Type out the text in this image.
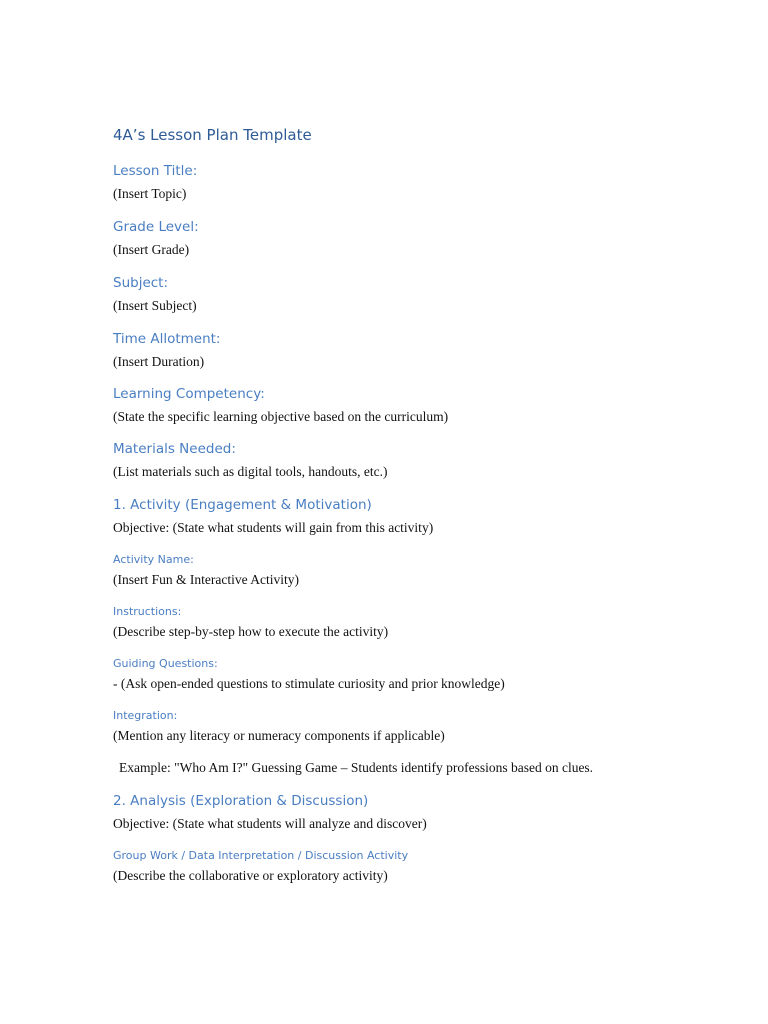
4A’s Lesson Plan Template
Lesson Title:

(Insert Topic)

Grade Level:

(Insert Grade)

Subject:

(Insert Subject)

Time Allotment:

(Insert Duration)

Learning Competency:

(State the specific learning objective based on the curriculum)

Materials Needed:

(List materials such as digital tools, handouts, etc.)

1. Activity (Engagement & Motivation)

Objective: (State what students will gain from this activity)

Activity Name:

(Insert Fun & Interactive Activity)

Instructions:

(Describe step-by-step how to execute the activity)

Guiding Questions:

- (Ask open-ended questions to stimulate curiosity and prior knowledge)

Integration:

(Mention any literacy or numeracy components if applicable)

Example: "Who Am I?" Guessing Game – Students identify professions based on clues.

2. Analysis (Exploration & Discussion)

Objective: (State what students will analyze and discover)

Group Work / Data Interpretation / Discussion Activity

(Describe the collaborative or exploratory activity)
